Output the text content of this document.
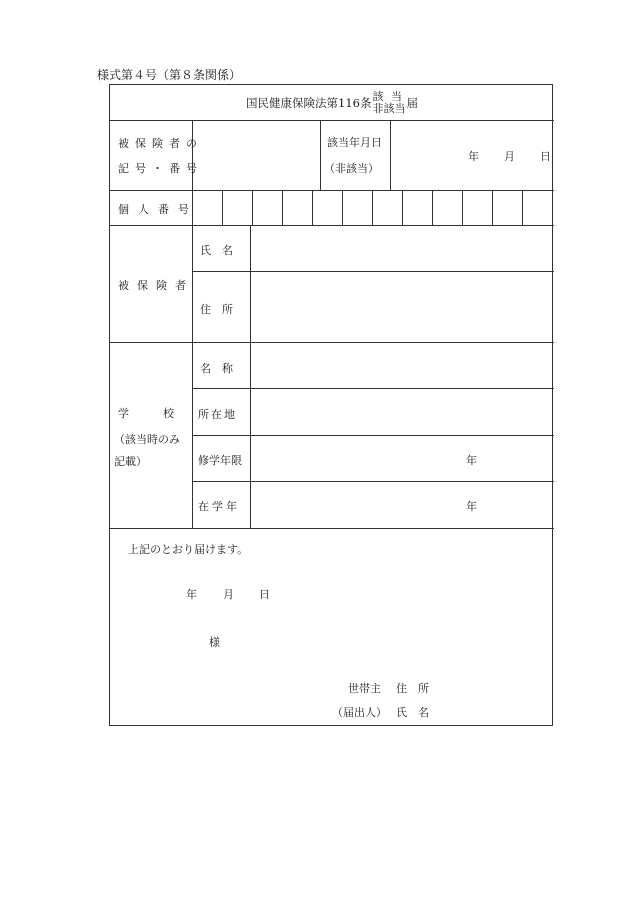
様式第４号（第８条関係）
国民健康保険法第116条 該 当
非該当 届
被保険者の
記号・番号
該当年月日
（非該当）
年 月 日
個人番号
被保険者
氏　名
住　所
学　　校
（該当時のみ
記載）
名　称
所在地
修学年限	年
在学年	年
上記のとおり届けます。
年 月 日
様
世帯主 住　所
（届出人） 氏　名
